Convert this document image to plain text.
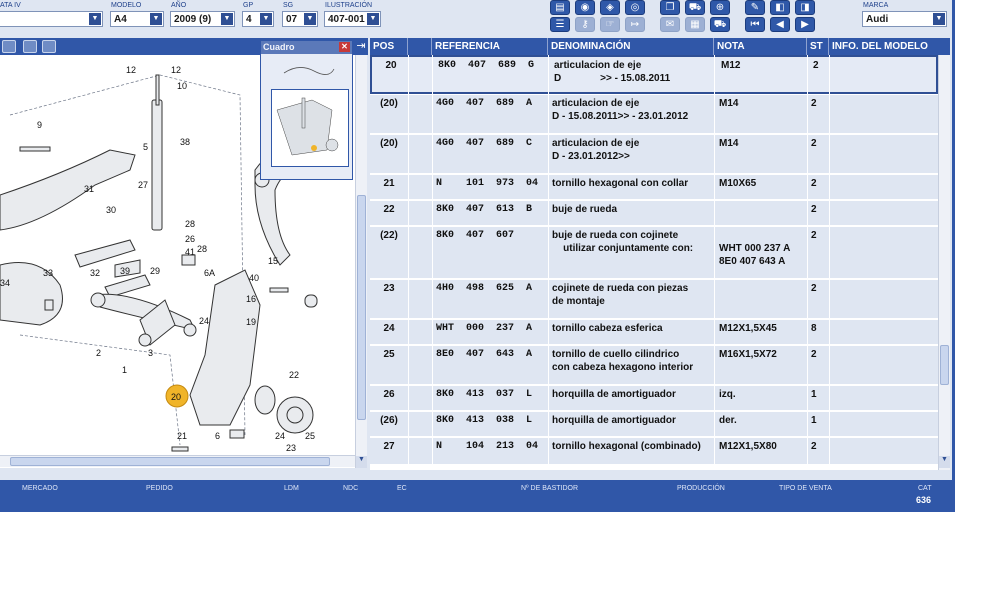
ATA IV
▼
MODELO
A4	▼
AÑO
2009 (9)	▼
GP
4	▼
SG
07	▼
ILUSTRACIÓN
407-001 ▼
▤	◉	◈	◎	❐	⛟	⊕	✎	◧	◨
☰	⚷	☞	↦	✉	▦	⛟	⏮	◀	▶
MARCA
Audi	▼
12	12
10
9
5	38
31	27
30
28
26
28
41
6A
15
33	32 39 29
40
34
16
24	19
20
22
21	6	24 25
23
2	3
1
▼
Cuadro	✕ ⇥ POS	REFERENCIA	DENOMINACIÓN	NOTA	ST INFO. DEL MODELO
20	8K0  407  689  G	articulacion de eje
D              >> - 15.08.2011
M12	2
(20)	4G0  407  689  A	articulacion de eje
D - 15.08.2011>> - 23.01.2012
M14	2
(20)	4G0  407  689  C	articulacion de eje
D - 23.01.2012>>
M14	2
21	N    101  973  04	tornillo hexagonal con collar	M10X65	2
22	8K0  407  613  B	buje de rueda	2
(22)	8K0  407  607	buje de rueda con cojinete
utilizar conjuntamente con:	
WHT 000 237 A
8E0 407 643 A
2
23	4H0  498  625  A	cojinete de rueda con piezas
de montaje
2
24	WHT  000  237  A	tornillo cabeza esferica	M12X1,5X45	8
25	8E0  407  643  A	tornillo de cuello cilindrico
con cabeza hexagono interior
M16X1,5X72	2
26	8K0  413  037  L	horquilla de amortiguador	izq.	1
(26)	8K0  413  038  L	horquilla de amortiguador	der.	1
27	N    104  213  04	tornillo hexagonal (combinado)	M12X1,5X80	2
▼
MERCADO	PEDIDO	LDM	NDC	EC	Nº DE BASTIDOR	PRODUCCIÓN	TIPO DE VENTA	CAT
636
